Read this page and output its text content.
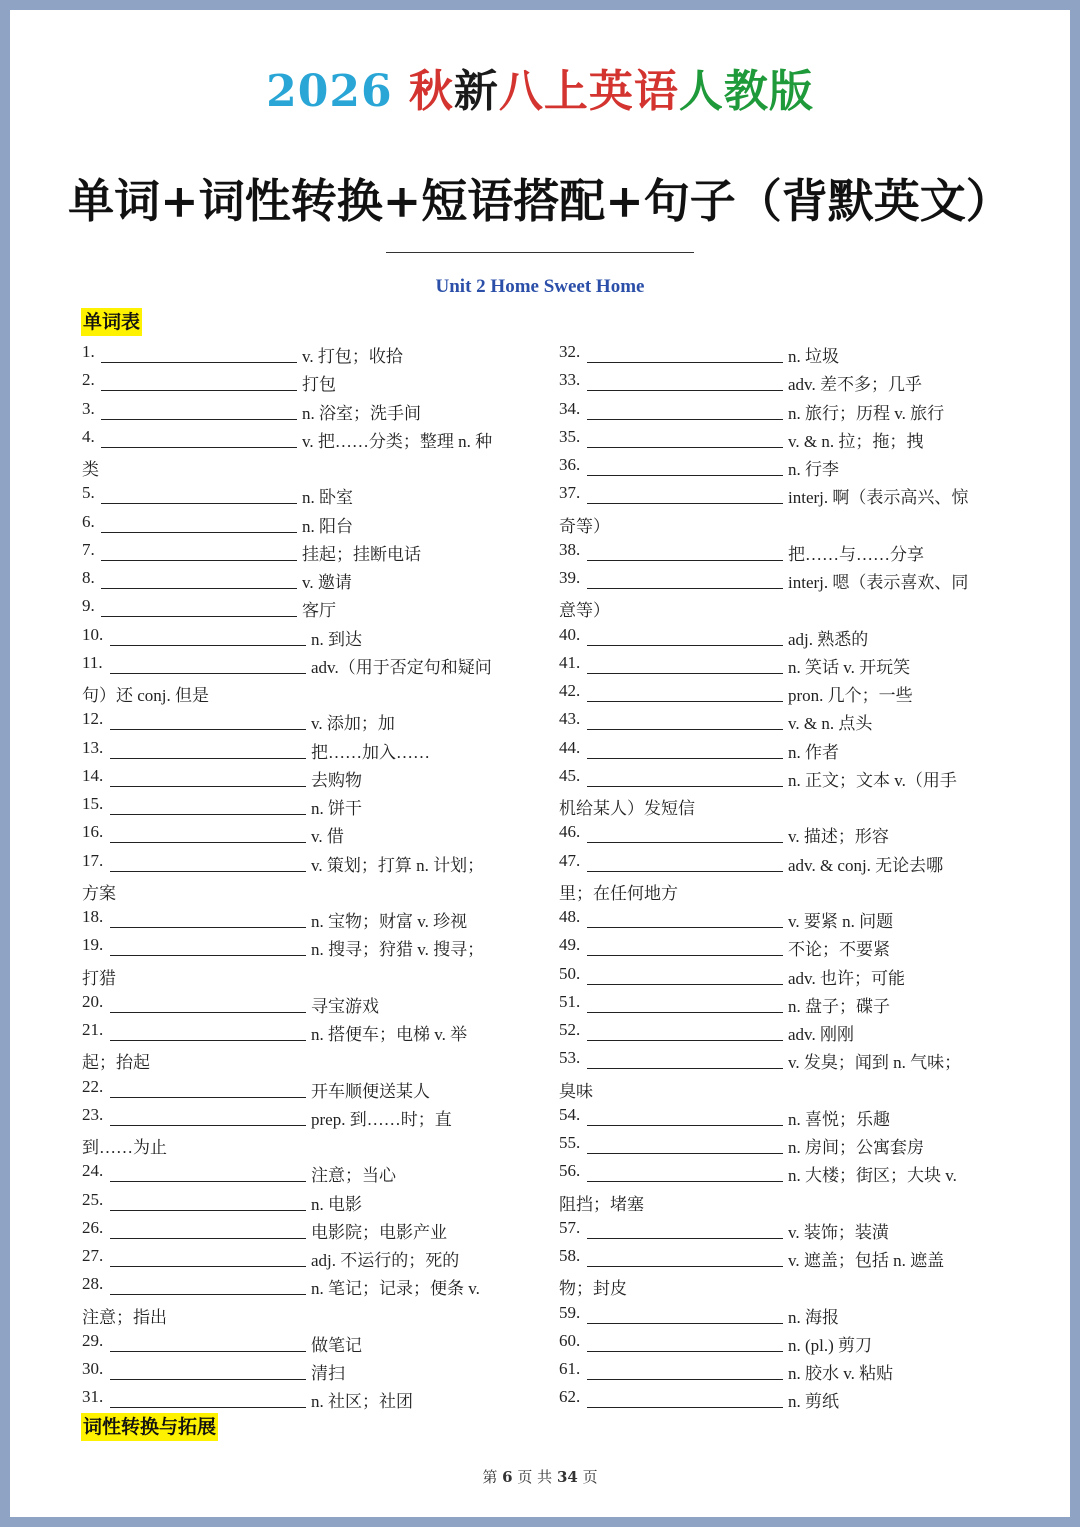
2026 秋新八上英语人教版
单词+词性转换+短语搭配+句子（背默英文）
Unit 2 Home Sweet Home
单词表
1.	v. 打包；收拾
2.	打包
3.	n. 浴室；洗手间
4.	v. 把……分类；整理 n. 种
类
5.	n. 卧室
6.	n. 阳台
7.	挂起；挂断电话
8.	v. 邀请
9.	客厅
10.	n. 到达
11.	adv.（用于否定句和疑问
句）还 conj. 但是
12.	v. 添加；加
13.	把……加入……
14.	去购物
15.	n. 饼干
16.	v. 借
17.	v. 策划；打算 n. 计划；
方案
18.	n. 宝物；财富 v. 珍视
19.	n. 搜寻；狩猎 v. 搜寻；
打猎
20.	寻宝游戏
21.	n. 搭便车；电梯 v. 举
起；抬起
22.	开车顺便送某人
23.	prep. 到……时；直
到……为止
24.	注意；当心
25.	n. 电影
26.	电影院；电影产业
27.	adj. 不运行的；死的
28.	n. 笔记；记录；便条 v.
注意；指出
29.	做笔记
30.	清扫
31.	n. 社区；社团
32.	n. 垃圾
33.	adv. 差不多；几乎
34.	n. 旅行；历程 v. 旅行
35.	v. & n. 拉；拖；拽
36.	n. 行李
37.	interj. 啊（表示高兴、惊
奇等）
38.	把……与……分享
39.	interj. 嗯（表示喜欢、同
意等）
40.	adj. 熟悉的
41.	n. 笑话 v. 开玩笑
42.	pron. 几个；一些
43.	v. & n. 点头
44.	n. 作者
45.	n. 正文；文本 v.（用手
机给某人）发短信
46.	v. 描述；形容
47.	adv. & conj. 无论去哪
里；在任何地方
48.	v. 要紧 n. 问题
49.	不论；不要紧
50.	adv. 也许；可能
51.	n. 盘子；碟子
52.	adv. 刚刚
53.	v. 发臭；闻到 n. 气味；
臭味
54.	n. 喜悦；乐趣
55.	n. 房间；公寓套房
56.	n. 大楼；街区；大块 v.
阻挡；堵塞
57.	v. 装饰；装潢
58.	v. 遮盖；包括 n. 遮盖
物；封皮
59.	n. 海报
60.	n. (pl.) 剪刀
61.	n. 胶水 v. 粘贴
62.	n. 剪纸
词性转换与拓展
第 6 页 共 34 页
